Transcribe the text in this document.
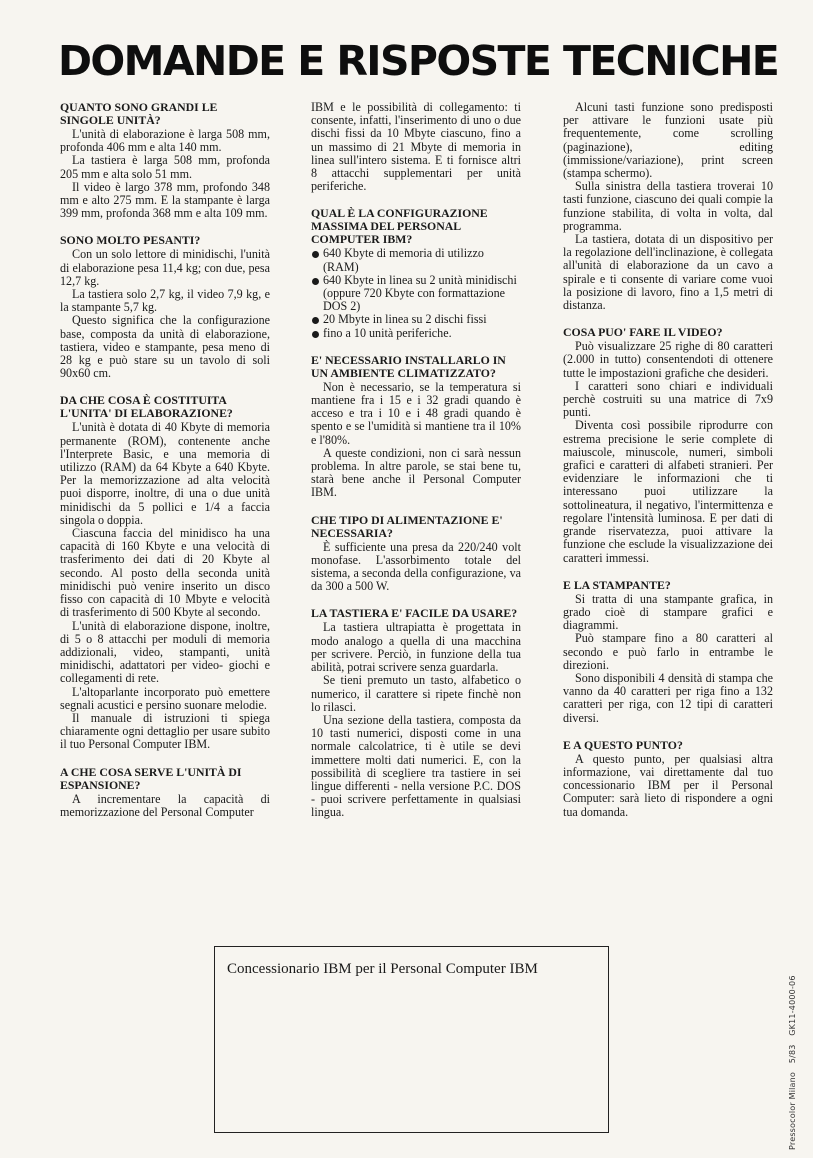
DOMANDE E RISPOSTE TECNICHE
QUANTO SONO GRANDI LE SINGOLE UNITÀ?

L'unità di elaborazione è larga 508 mm, profonda 406 mm e alta 140 mm.

La tastiera è larga 508 mm, profonda 205 mm e alta solo 51 mm.

Il video è largo 378 mm, profondo 348 mm e alto 275 mm. E la stampante è larga 399 mm, profonda 368 mm e alta 109 mm.

SONO MOLTO PESANTI?

Con un solo lettore di minidischi, l'unità di elaborazione pesa 11,4 kg; con due, pesa 12,7 kg.

La tastiera solo 2,7 kg, il video 7,9 kg, e la stampante 5,7 kg.

Questo significa che la configurazione base, composta da unità di elaborazione, tastiera, video e stampante, pesa meno di 28 kg e può stare su un tavolo di soli 90x60 cm.

DA CHE COSA È COSTITUITA L'UNITA' DI ELABORAZIONE?

L'unità è dotata di 40 Kbyte di memoria permanente (ROM), contenente anche l'Interprete Basic, e una memoria di utilizzo (RAM) da 64 Kbyte a 640 Kbyte. Per la memorizzazione ad alta velocità puoi disporre, inoltre, di una o due unità minidischi da 5 pollici e 1/4 a faccia singola o doppia.

Ciascuna faccia del minidisco ha una capacità di 160 Kbyte e una velocità di trasferimento dei dati di 20 Kbyte al secondo. Al posto della seconda unità minidischi può venire inserito un disco fisso con capacità di 10 Mbyte e velocità di trasferimento di 500 Kbyte al secondo.

L'unità di elaborazione dispone, inoltre, di 5 o 8 attacchi per moduli di memoria addizionali, video, stampanti, unità minidischi, adattatori per video- giochi e collegamenti di rete.

L'altoparlante incorporato può emettere segnali acustici e persino suonare melodie.

Il manuale di istruzioni ti spiega chiaramente ogni dettaglio per usare subito il tuo Personal Computer IBM.

A CHE COSA SERVE L'UNITÀ DI ESPANSIONE?

A incrementare la capacità di memorizzazione del Personal Computer

IBM e le possibilità di collegamento: ti consente, infatti, l'inserimento di uno o due dischi fissi da 10 Mbyte ciascuno, fino a un massimo di 21 Mbyte di memoria in linea sull'intero sistema. E ti fornisce altri 8 attacchi supplementari per unità periferiche.

QUAL È LA CONFIGURAZIONE MASSIMA DEL PERSONAL COMPUTER IBM?
640 Kbyte di memoria di utilizzo (RAM)
640 Kbyte in linea su 2 unità minidischi (oppure 720 Kbyte con formattazione DOS 2)
20 Mbyte in linea su 2 dischi fissi
fino a 10 unità periferiche.
E' NECESSARIO INSTALLARLO IN UN AMBIENTE CLIMATIZZATO?

Non è necessario, se la temperatura si mantiene fra i 15 e i 32 gradi quando è acceso e tra i 10 e i 48 gradi quando è spento e se l'umidità si mantiene tra il 10% e l'80%.

A queste condizioni, non ci sarà nessun problema. In altre parole, se stai bene tu, starà bene anche il Personal Computer IBM.

CHE TIPO DI ALIMENTAZIONE E' NECESSARIA?

È sufficiente una presa da 220/240 volt monofase. L'assorbimento totale del sistema, a seconda della configurazione, va da 300 a 500 W.

LA TASTIERA E' FACILE DA USARE?

La tastiera ultrapiatta è progettata in modo analogo a quella di una macchina per scrivere. Perciò, in funzione della tua abilità, potrai scrivere senza guardarla.

Se tieni premuto un tasto, alfabetico o numerico, il carattere si ripete finchè non lo rilasci.

Una sezione della tastiera, composta da 10 tasti numerici, disposti come in una normale calcolatrice, ti è utile se devi immettere molti dati numerici. E, con la possibilità di scegliere tra tastiere in sei lingue differenti - nella versione P.C. DOS - puoi scrivere perfettamente in qualsiasi lingua.

Alcuni tasti funzione sono predisposti per attivare le funzioni usate più frequentemente, come scrolling (paginazione), editing (immissione/variazione), print screen (stampa schermo).

Sulla sinistra della tastiera troverai 10 tasti funzione, ciascuno dei quali compie la funzione stabilita, di volta in volta, dal programma.

La tastiera, dotata di un dispositivo per la regolazione dell'inclinazione, è collegata all'unità di elaborazione da un cavo a spirale e ti consente di variare come vuoi la posizione di lavoro, fino a 1,5 metri di distanza.

COSA PUO' FARE IL VIDEO?

Può visualizzare 25 righe di 80 caratteri (2.000 in tutto) consentendoti di ottenere tutte le impostazioni grafiche che desideri.

I caratteri sono chiari e individuali perchè costruiti su una matrice di 7x9 punti.

Diventa così possibile riprodurre con estrema precisione le serie complete di maiuscole, minuscole, numeri, simboli grafici e caratteri di alfabeti stranieri. Per evidenziare le informazioni che ti interessano puoi utilizzare la sottolineatura, il negativo, l'intermittenza e regolare l'intensità luminosa. E per dati di grande riservatezza, puoi attivare la funzione che esclude la visualizzazione dei caratteri immessi.

E LA STAMPANTE?

Si tratta di una stampante grafica, in grado cioè di stampare grafici e diagrammi.

Può stampare fino a 80 caratteri al secondo e può farlo in entrambe le direzioni.

Sono disponibili 4 densità di stampa che vanno da 40 caratteri per riga fino a 132 caratteri per riga, con 12 tipi di caratteri diversi.

E A QUESTO PUNTO?

A questo punto, per qualsiasi altra informazione, vai direttamente dal tuo concessionario IBM per il Personal Computer: sarà lieto di rispondere a ogni tua domanda.

Concessionario IBM per il Personal Computer IBM
Pressocolor Milano 5/83 GK11-4000-06
